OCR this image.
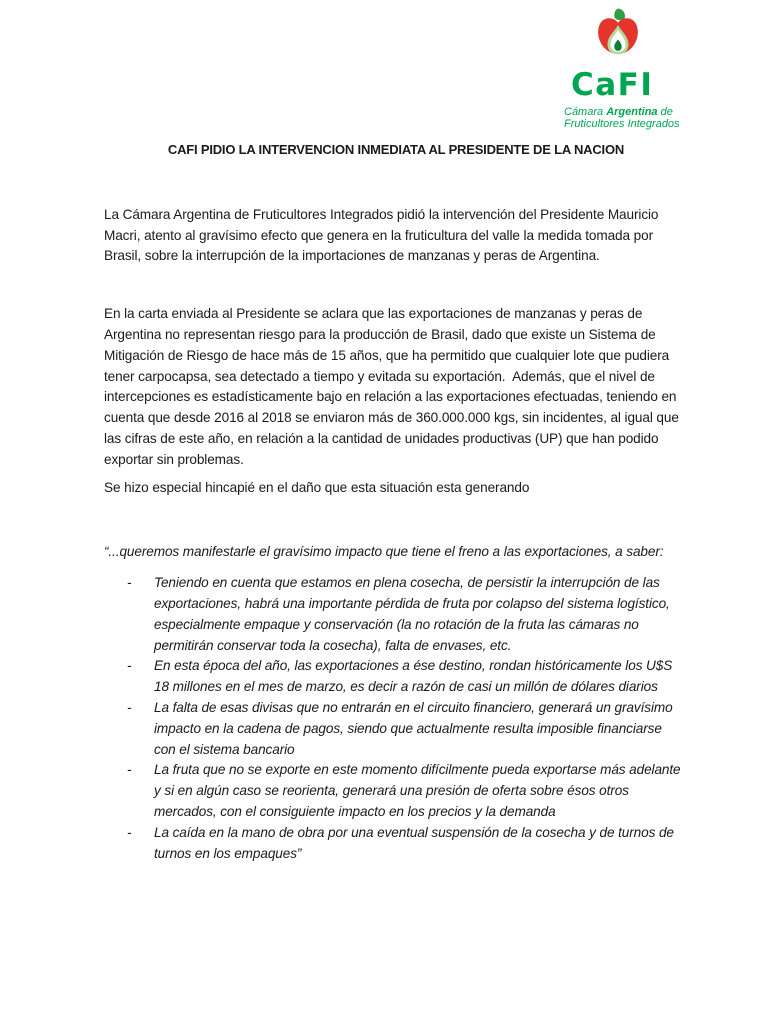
CaFI
Cámara Argentina de
Fruticultores Integrados
CAFI PIDIO LA INTERVENCION INMEDIATA AL PRESIDENTE DE LA NACION

La Cámara Argentina de Fruticultores Integrados pidió la intervención del Presidente Mauricio Macri, atento al gravísimo efecto que genera en la fruticultura del valle la medida tomada por Brasil, sobre la interrupción de la importaciones de manzanas y peras de Argentina.

En la carta enviada al Presidente se aclara que las exportaciones de manzanas y peras de Argentina no representan riesgo para la producción de Brasil, dado que existe un Sistema de Mitigación de Riesgo de hace más de 15 años, que ha permitido que cualquier lote que pudiera tener carpocapsa, sea detectado a tiempo y evitada su exportación.  Además, que el nivel de intercepciones es estadísticamente bajo en relación a las exportaciones efectuadas, teniendo en cuenta que desde 2016 al 2018 se enviaron más de 360.000.000 kgs, sin incidentes, al igual que las cifras de este año, en relación a la cantidad de unidades productivas (UP) que han podido exportar sin problemas.

Se hizo especial hincapié en el daño que esta situación esta generando

“...queremos manifestarle el gravísimo impacto que tiene el freno a las exportaciones, a saber:

- Teniendo en cuenta que estamos en plena cosecha, de persistir la interrupción de las exportaciones, habrá una importante pérdida de fruta por colapso del sistema logístico, especialmente empaque y conservación (la no rotación de la fruta las cámaras no permitirán conservar toda la cosecha), falta de envases, etc.
- En esta época del año, las exportaciones a ése destino, rondan históricamente los U$S 18 millones en el mes de marzo, es decir a razón de casi un millón de dólares diarios
- La falta de esas divisas que no entrarán en el circuito financiero, generará un gravísimo impacto en la cadena de pagos, siendo que actualmente resulta imposible financiarse con el sistema bancario
- La fruta que no se exporte en este momento difícilmente pueda exportarse más adelante y si en algún caso se reorienta, generará una presión de oferta sobre ésos otros mercados, con el consiguiente impacto en los precios y la demanda
- La caída en la mano de obra por una eventual suspensión de la cosecha y de turnos de turnos en los empaques”
